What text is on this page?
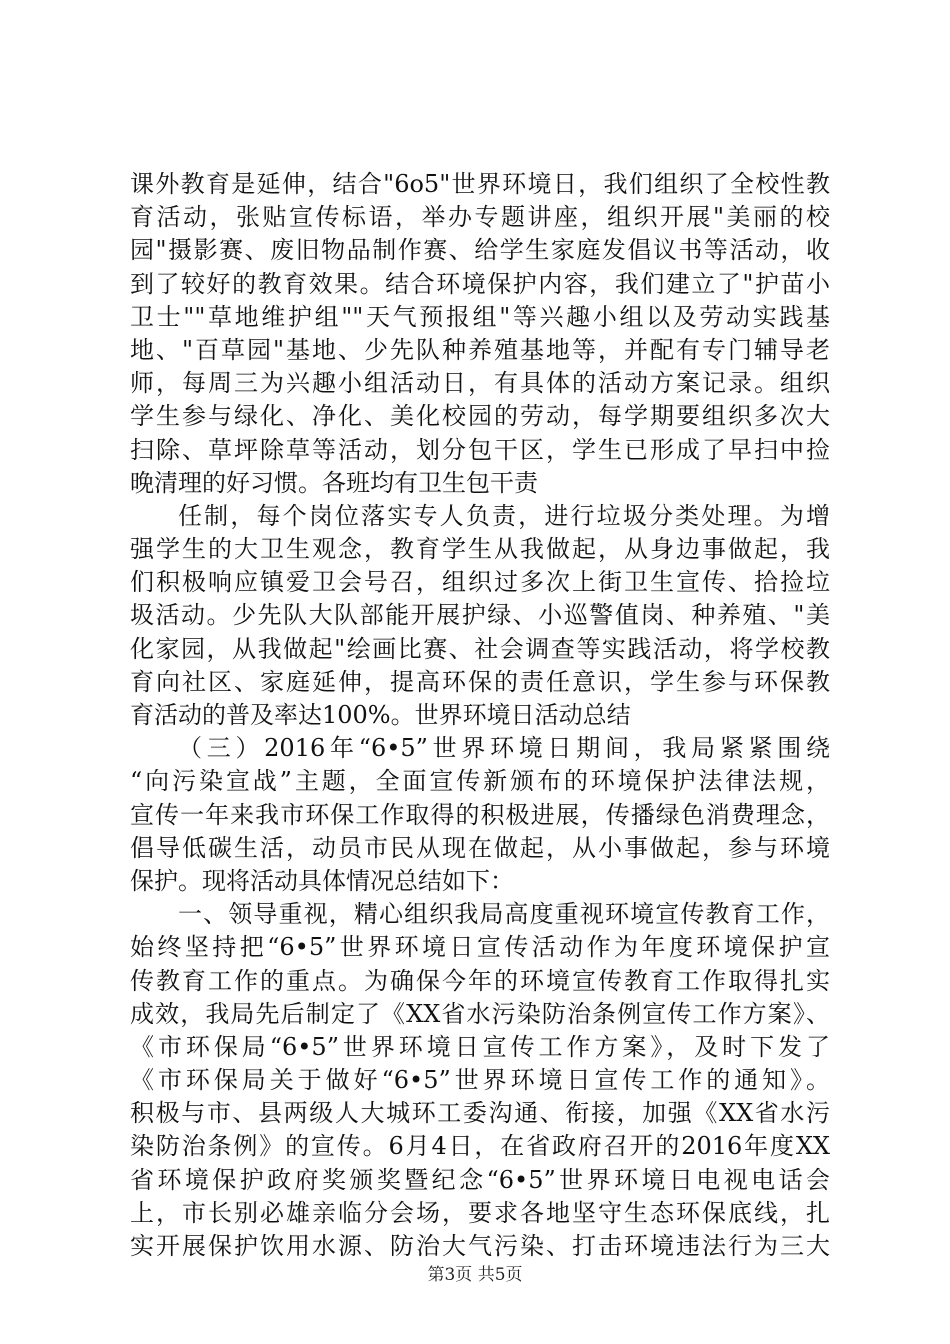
课外教育是延伸，结合"6o5"世界环境日，我们组织了全校性教
育活动，张贴宣传标语，举办专题讲座，组织开展"美丽的校
园"摄影赛、废旧物品制作赛、给学生家庭发倡议书等活动，收
到了较好的教育效果。结合环境保护内容，我们建立了"护苗小
卫士""草地维护组""天气预报组"等兴趣小组以及劳动实践基
地、"百草园"基地、少先队种养殖基地等，并配有专门辅导老
师，每周三为兴趣小组活动日，有具体的活动方案记录。组织
学生参与绿化、净化、美化校园的劳动，每学期要组织多次大
扫除、草坪除草等活动，划分包干区，学生已形成了早扫中捡
晚清理的好习惯。各班均有卫生包干责
任制，每个岗位落实专人负责，进行垃圾分类处理。为增
强学生的大卫生观念，教育学生从我做起，从身边事做起，我
们积极响应镇爱卫会号召，组织过多次上街卫生宣传、拾捡垃
圾活动。少先队大队部能开展护绿、小巡警值岗、种养殖、"美
化家园，从我做起"绘画比赛、社会调查等实践活动，将学校教
育向社区、家庭延伸，提高环保的责任意识，学生参与环保教
育活动的普及率达100%。世界环境日活动总结
（三）2016年“6•5”世界环境日期间，我局紧紧围绕
“向污染宣战”主题，全面宣传新颁布的环境保护法律法规，
宣传一年来我市环保工作取得的积极进展，传播绿色消费理念，
倡导低碳生活，动员市民从现在做起，从小事做起，参与环境
保护。现将活动具体情况总结如下：
一、领导重视，精心组织我局高度重视环境宣传教育工作，
始终坚持把“6•5”世界环境日宣传活动作为年度环境保护宣
传教育工作的重点。为确保今年的环境宣传教育工作取得扎实
成效，我局先后制定了《XX省水污染防治条例宣传工作方案》、
《市环保局“6•5”世界环境日宣传工作方案》，及时下发了
《市环保局关于做好“6•5”世界环境日宣传工作的通知》。
积极与市、县两级人大城环工委沟通、衔接，加强《XX省水污
染防治条例》的宣传。6月4日，在省政府召开的2016年度XX
省环境保护政府奖颁奖暨纪念“6•5”世界环境日电视电话会
上，市长别必雄亲临分会场，要求各地坚守生态环保底线，扎
实开展保护饮用水源、防治大气污染、打击环境违法行为三大
第3页 共5页
